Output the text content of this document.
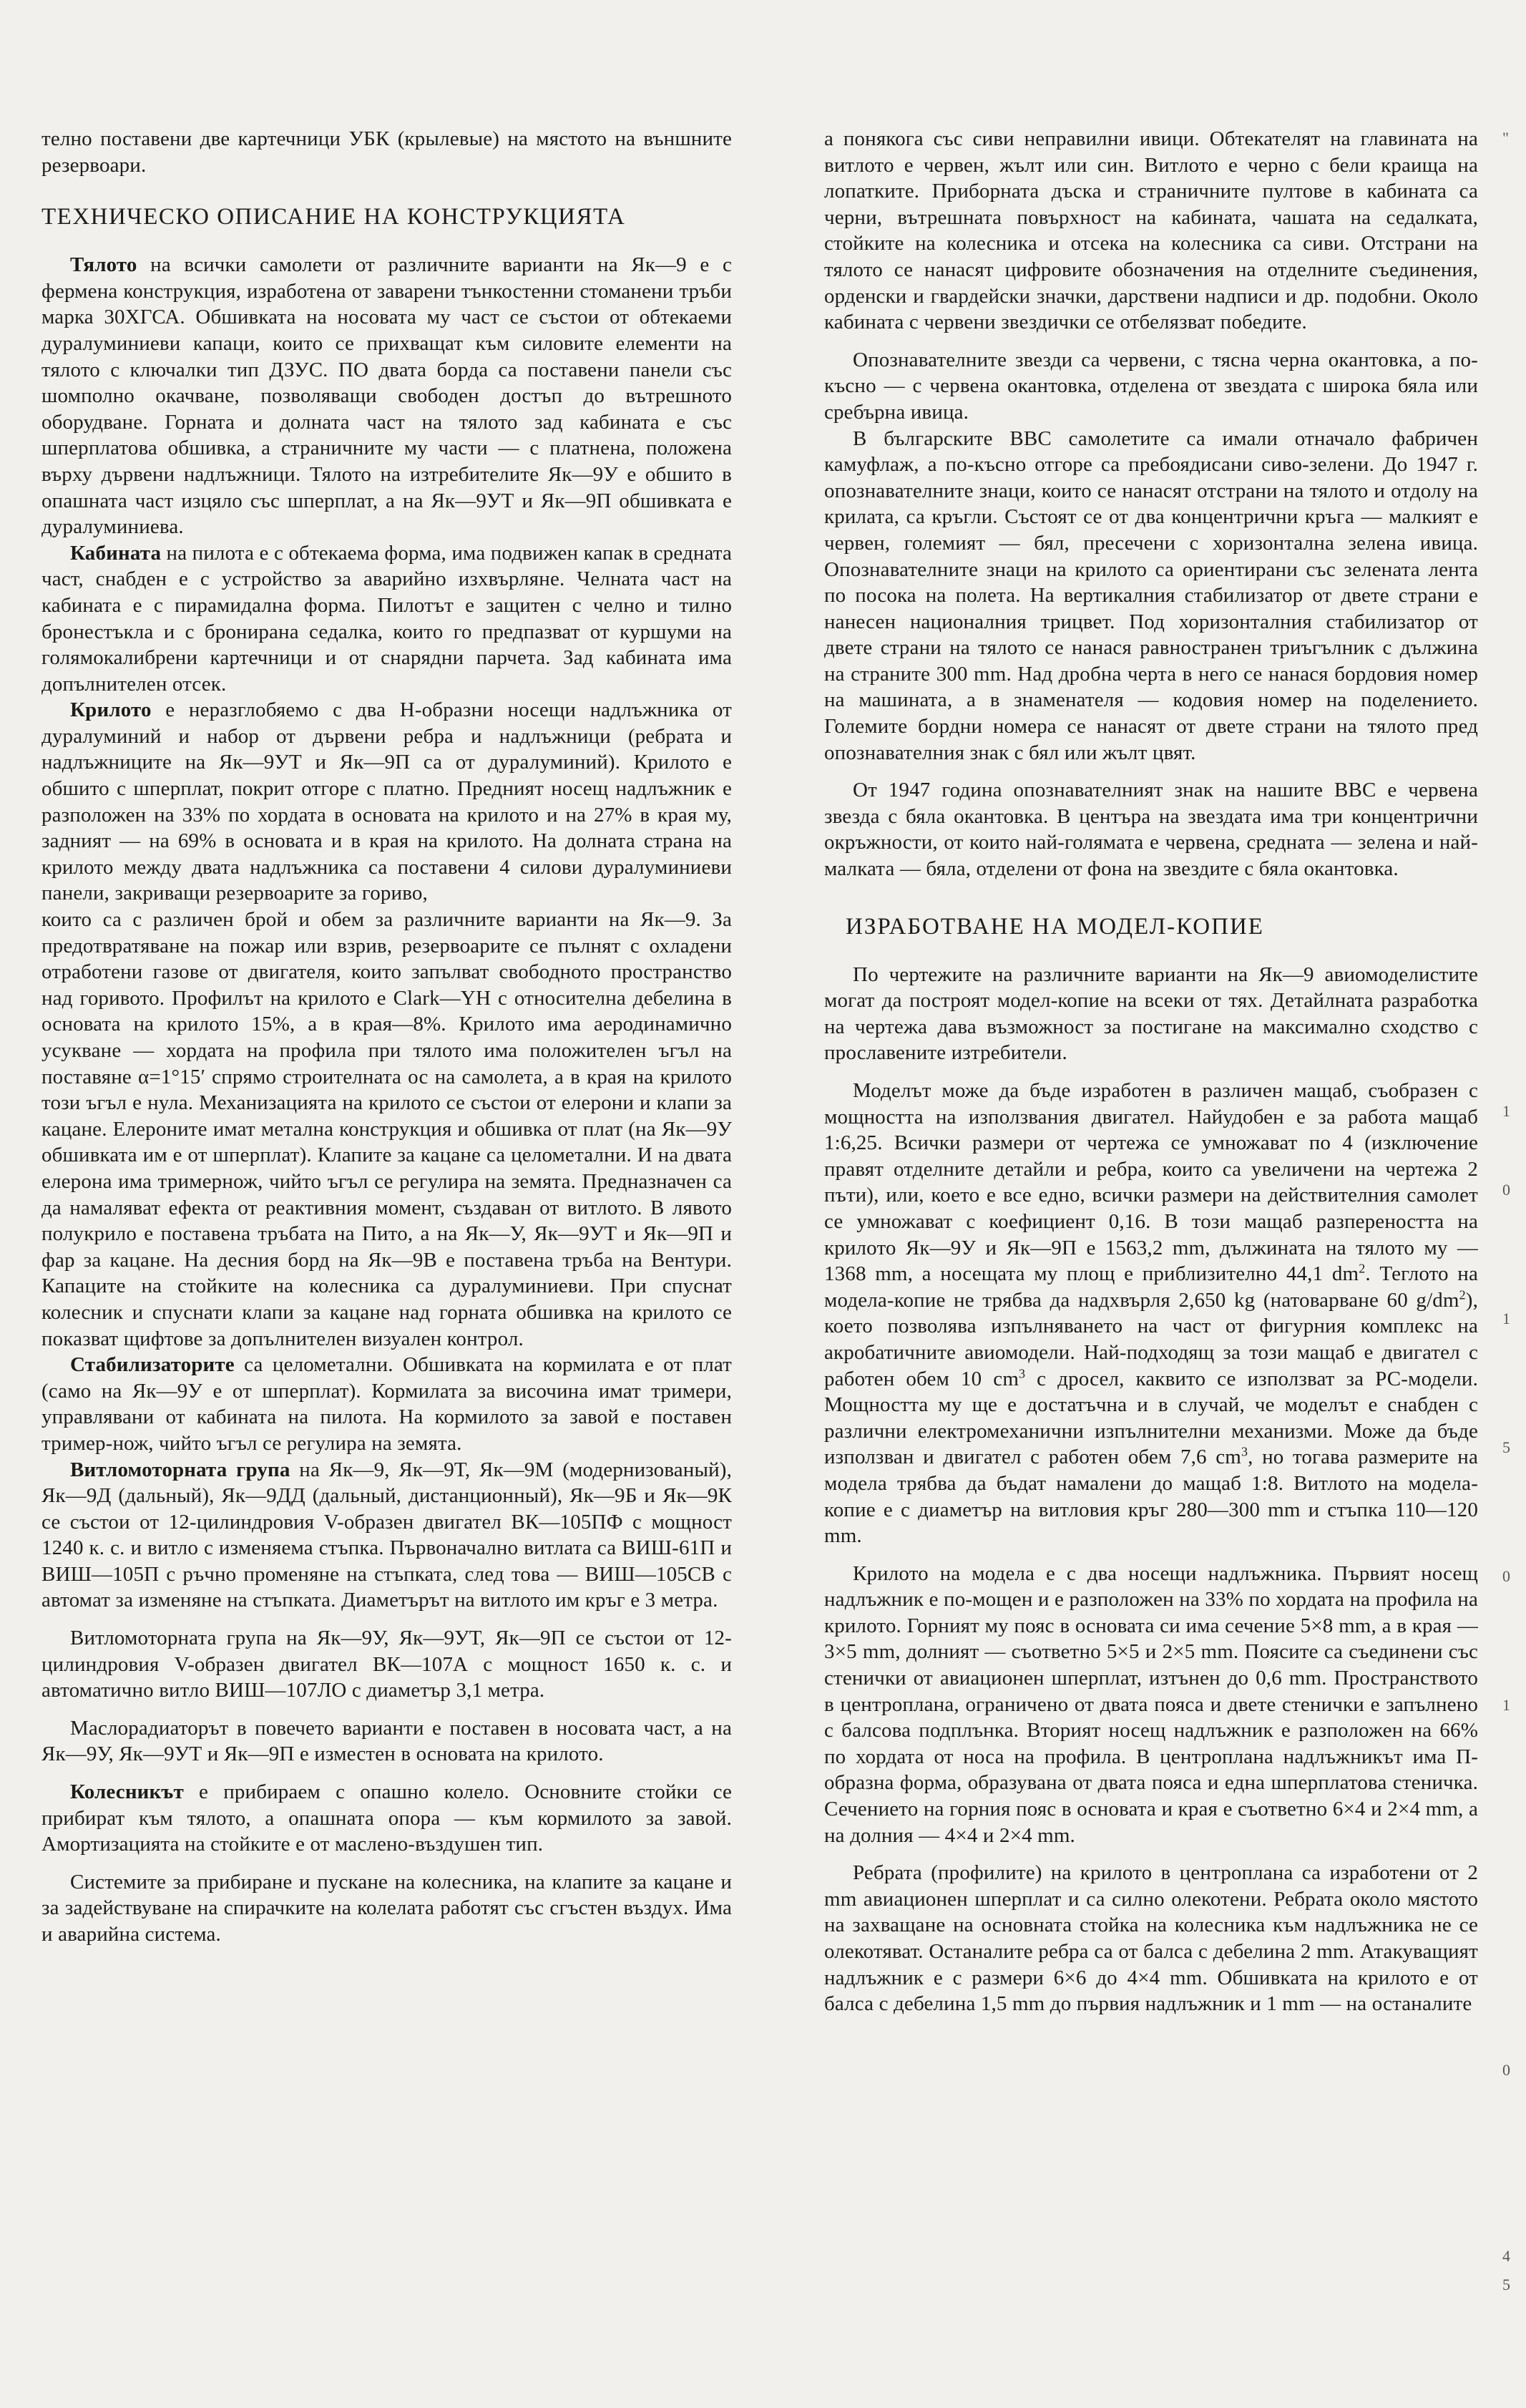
телно поставени две картечници УБК (крылевые) на мястото на външните резервоари.

ТЕХНИЧЕСКО ОПИСАНИЕ НА КОНСТРУКЦИЯТА

Тялото на всички самолети от различните варианти на Як—9 е с фермена конструкция, изработена от заварени тънкостенни стоманени тръби марка 30ХГСА. Обшивката на носовата му част се състои от обтекаеми дуралуминиеви капаци, които се прихващат към силовите елементи на тялото с ключалки тип ДЗУС. ПО двата борда са поставени панели със шомполно окачване, позволяващи свободен достъп до вътрешното оборудване. Горната и долната част на тялото зад кабината е със шперплатова обшивка, а страничните му части — с платнена, положена върху дървени надлъжници. Тялото на изтребителите Як—9У е обшито в опашната част изцяло със шперплат, а на Як—9УТ и Як—9П обшивката е дуралуминиева.

Кабината на пилота е с обтекаема форма, има подвижен капак в средната част, снабден е с устройство за аварийно изхвърляне. Челната част на кабината е с пирамидална форма. Пилотът е защитен с челно и тилно бронестъкла и с бронирана седалка, които го предпазват от куршуми на голямокалибрени картечници и от снарядни парчета. Зад кабината има допълнителен отсек.

Крилото е неразглобяемо с два Н-образни носещи надлъжника от дуралуминий и набор от дървени ребра и надлъжници (ребрата и надлъжниците на Як—9УТ и Як—9П са от дуралуминий). Крилото е обшито с шперплат, покрит отгоре с платно. Предният носещ надлъжник е разположен на 33% по хордата в основата на крилото и на 27% в края му, задният — на 69% в основата и в края на крилото. На долната страна на крилото между двата надлъжника са поставени 4 силови дуралуминиеви панели, закриващи резервоарите за гориво,

които са с различен брой и обем за различните варианти на Як—9. За предотвратяване на пожар или взрив, резервоарите се пълнят с охладени отработени газове от двигателя, които запълват свободното пространство над горивото. Профилът на крилото е Clark—YН с относителна дебелина в основата на крилото 15%, а в края—8%. Крилото има аеродинамично усукване — хордата на профила при тялото има положителен ъгъл на поставяне α=1°15′ спрямо строителната ос на самолета, а в края на крилото този ъгъл е нула. Механизацията на крилото се състои от елерони и клапи за кацане. Елероните имат метална конструкция и обшивка от плат (на Як—9У обшивката им е от шперплат). Клапите за кацане са целометални. И на двата елерона има тримернож, чийто ъгъл се регулира на земята. Предназначен са да намаляват ефекта от реактивния момент, създаван от витлото. В лявото полукрило е поставена тръбата на Пито, а на Як—У, Як—9УТ и Як—9П и фар за кацане. На десния борд на Як—9В е поставена тръба на Вентури. Капаците на стойките на колесника са дуралуминиеви. При спуснат колесник и спуснати клапи за кацане над горната обшивка на крилото се показват щифтове за допълнителен визуален контрол.

Стабилизаторите са целометални. Обшивката на кормилата е от плат (само на Як—9У е от шперплат). Кормилата за височина имат тримери, управлявани от кабината на пилота. На кормилото за завой е поставен тример-нож, чийто ъгъл се регулира на земята.

Витломоторната група на Як—9, Як—9Т, Як—9М (модернизованый), Як—9Д (дальный), Як—9ДД (дальный, дистанционный), Як—9Б и Як—9К се състои от 12-цилиндровия V-образен двигател ВК—105ПФ с мощност 1240 к. с. и витло с изменяема стъпка. Първоначално витлата са ВИШ-61П и ВИШ—105П с ръчно променяне на стъпката, след това — ВИШ—105СВ с автомат за изменяне на стъпката. Диаметърът на витлото им кръг е 3 метра.

Витломоторната група на Як—9У, Як—9УТ, Як—9П се състои от 12-цилиндровия V-образен двигател ВК—107А с мощност 1650 к. с. и автоматично витло ВИШ—107ЛО с диаметър 3,1 метра.

Маслорадиаторът в повечето варианти е поставен в носовата част, а на Як—9У, Як—9УТ и Як—9П е изместен в основата на крилото.

Колесникът е прибираем с опашно колело. Основните стойки се прибират към тялото, а опашната опора — към кормилото за завой. Амортизацията на стойките е от маслено-въздушен тип.

Системите за прибиране и пускане на колесника, на клапите за кацане и за задействуване на спирачките на колелата работят със сгъстен въздух. Има и аварийна система.

а понякога със сиви неправилни ивици. Обтекателят на главината на витлото е червен, жълт или син. Витлото е черно с бели краища на лопатките. Приборната дъска и страничните пултове в кабината са черни, вътрешната повърхност на кабината, чашата на седалката, стойките на колесника и отсека на колесника са сиви. Отстрани на тялото се нанасят цифровите обозначения на отделните съединения, орденски и гвардейски значки, дарствени надписи и др. подобни. Около кабината с червени звездички се отбелязват победите.

Опознавателните звезди са червени, с тясна черна окантовка, а по-късно — с червена окантовка, отделена от звездата с широка бяла или сребърна ивица.

В българските ВВС самолетите са имали отначало фабричен камуфлаж, а по-късно отгоре са пребоядисани сиво-зелени. До 1947 г. опознавателните знаци, които се нанасят отстрани на тялото и отдолу на крилата, са кръгли. Състоят се от два концентрични кръга — малкият е червен, големият — бял, пресечени с хоризонтална зелена ивица. Опознавателните знаци на крилото са ориентирани със зелената лента по посока на полета. На вертикалния стабилизатор от двете страни е нанесен националния трицвет. Под хоризонталния стабилизатор от двете страни на тялото се нанася равностранен триъгълник с дължина на страните 300 mm. Над дробна черта в него се нанася бордовия номер на машината, а в знаменателя — кодовия номер на поделението. Големите бордни номера се нанасят от двете страни на тялото пред опознавателния знак с бял или жълт цвят.

От 1947 година опознавателният знак на нашите ВВС е червена звезда с бяла окантовка. В центъра на звездата има три концентрични окръжности, от които най-голямата е червена, средната — зелена и най-малката — бяла, отделени от фона на звездите с бяла окантовка.

ИЗРАБОТВАНЕ НА МОДЕЛ-КОПИЕ

По чертежите на различните варианти на Як—9 авиомоделистите могат да построят модел-копие на всеки от тях. Детайлната разработка на чертежа дава възможност за постигане на максимално сходство с прославените изтребители.

Моделът може да бъде изработен в различен мащаб, съобразен с мощността на използвания двигател. Найудобен е за работа мащаб 1:6,25. Всички размери от чертежа се умножават по 4 (изключение правят отделните детайли и ребра, които са увеличени на чертежа 2 пъти), или, което е все едно, всички размери на действителния самолет се умножават с коефициент 0,16. В този мащаб разпереността на крилото Як—9У и Як—9П е 1563,2 mm, дължината на тялото му — 1368 mm, а носещата му площ е приблизително 44,1 $dm^2$. Теглото на модела-копие не трябва да надхвърля 2,650 kg (натоварване 60 $g/dm^2$), което позволява изпълняването на част от фигурния комплекс на акробатичните авиомодели. Най-подходящ за този мащаб е двигател с работен обем 10 $cm^3$ с дросел, каквито се използват за РС-модели. Мощността му ще е достатъчна и в случай, че моделът е снабден с различни електромеханични изпълнителни механизми. Може да бъде използван и двигател с работен обем 7,6 $cm^3$, но тогава размерите на модела трябва да бъдат намалени до мащаб 1:8. Витлото на модела-копие е с диаметър на витловия кръг 280—300 mm и стъпка 110—120 mm.

Крилото на модела е с два носещи надлъжника. Първият носещ надлъжник е по-мощен и е разположен на 33% по хордата на профила на крилото. Горният му пояс в основата си има сечение 5×8 mm, а в края — 3×5 mm, долният — съответно 5×5 и 2×5 mm. Поясите са съединени със стенички от авиационен шперплат, изтънен до 0,6 mm. Пространството в центроплана, ограничено от двата пояса и двете стенички е запълнено с балсова подплънка. Вторият носещ надлъжник е разположен на 66% по хордата от носа на профила. В центроплана надлъжникът има П-образна форма, образувана от двата пояса и една шперплатова стеничка. Сечението на горния пояс в основата и края е съответно 6×4 и 2×4 mm, а на долния — 4×4 и 2×4 mm.

Ребрата (профилите) на крилото в центроплана са изработени от 2 mm авиационен шперплат и са силно олекотени. Ребрата около мястото на захващане на основната стойка на колесника към надлъжника не се олекотяват. Останалите ребра са от балса с дебелина 2 mm. Атакуващият надлъжник е с размери 6×6 до 4×4 mm. Обшивката на крилото е от балса с дебелина 1,5 mm до първия надлъжник и 1 mm — на останалите

"
1
0
1
5
0
1
0
4
5
